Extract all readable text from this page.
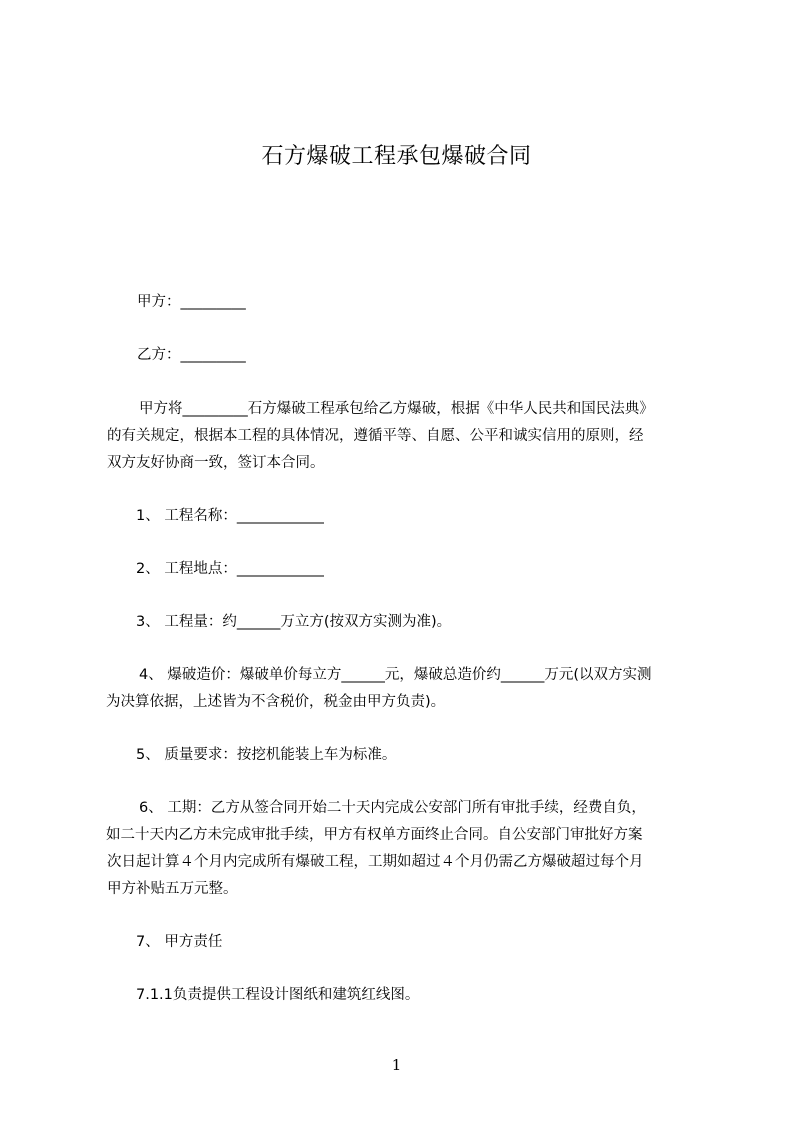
石方爆破工程承包爆破合同
甲方：_________
乙方：_________
甲方将_________石方爆破工程承包给乙方爆破，根据《中华人民共和国民法典》
的有关规定，根据本工程的具体情况，遵循平等、自愿、公平和诚实信用的原则，经
双方友好协商一致，签订本合同。
1、 工程名称：____________
2、 工程地点：____________
3、 工程量：约______万立方(按双方实测为准)。
4、 爆破造价：爆破单价每立方______元，爆破总造价约______万元(以双方实测
为决算依据，上述皆为不含税价，税金由甲方负责)。
5、 质量要求：按挖机能装上车为标准。
6、 工期：乙方从签合同开始二十天内完成公安部门所有审批手续，经费自负，
如二十天内乙方未完成审批手续，甲方有权单方面终止合同。自公安部门审批好方案
次日起计算４个月内完成所有爆破工程，工期如超过４个月仍需乙方爆破超过每个月
甲方补贴五万元整。
7、 甲方责任
7.1.1负责提供工程设计图纸和建筑红线图。
1
